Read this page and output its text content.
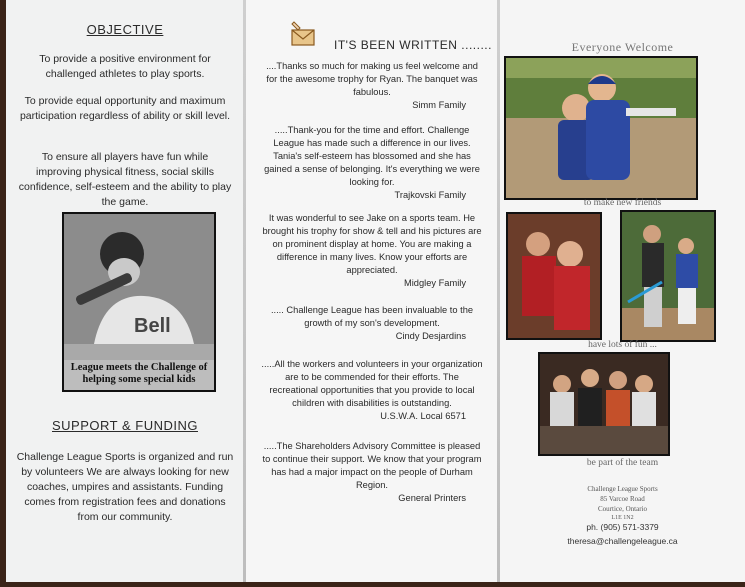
OBJECTIVE
To provide a positive environment for challenged athletes to play sports.
To provide equal opportunity and maximum participation regardless of ability or skill level.
To ensure all players have fun while improving physical fitness, social skills confidence, self-esteem and the ability to play the game.
Bell
League meets the Challenge of helping some special kids
SUPPORT & FUNDING
Challenge League Sports is organized and run by volunteers We are always looking for new coaches, umpires and assistants. Funding comes from registration fees and donations from our community.
IT'S BEEN WRITTEN ........
....Thanks so much for making us feel welcome and for the awesome trophy for Ryan. The banquet was fabulous.
Simm Family
.....Thank-you for the time and effort. Challenge League has made such a difference in our lives. Tania's self-esteem has blossomed and she has gained a sense of belonging. It's everything we were looking for.
Trajkovski Family
It was wonderful to see Jake on a sports team. He brought his trophy for show & tell and his pictures are on prominent display at home. You are making a difference in many lives. Know your efforts are appreciated.
Midgley Family
..... Challenge League has been invaluable to the growth of my son's development.
Cindy Desjardins
.....All the workers and volunteers in your organization are to be commended for their efforts. The recreational opportunities that you provide to local children with disabilities is outstanding.
U.S.W.A. Local 6571
.....The Shareholders Advisory Committee is pleased to continue their support. We know that your program has had a major impact on the people of Durham Region.
General Printers
Everyone Welcome
to make new friends
have lots of fun ...
be part of the team
Challenge League Sports
85 Varcoe Road
Courtice, Ontario
L1E 1N2
ph. (905) 571-3379
theresa@challengeleague.ca
